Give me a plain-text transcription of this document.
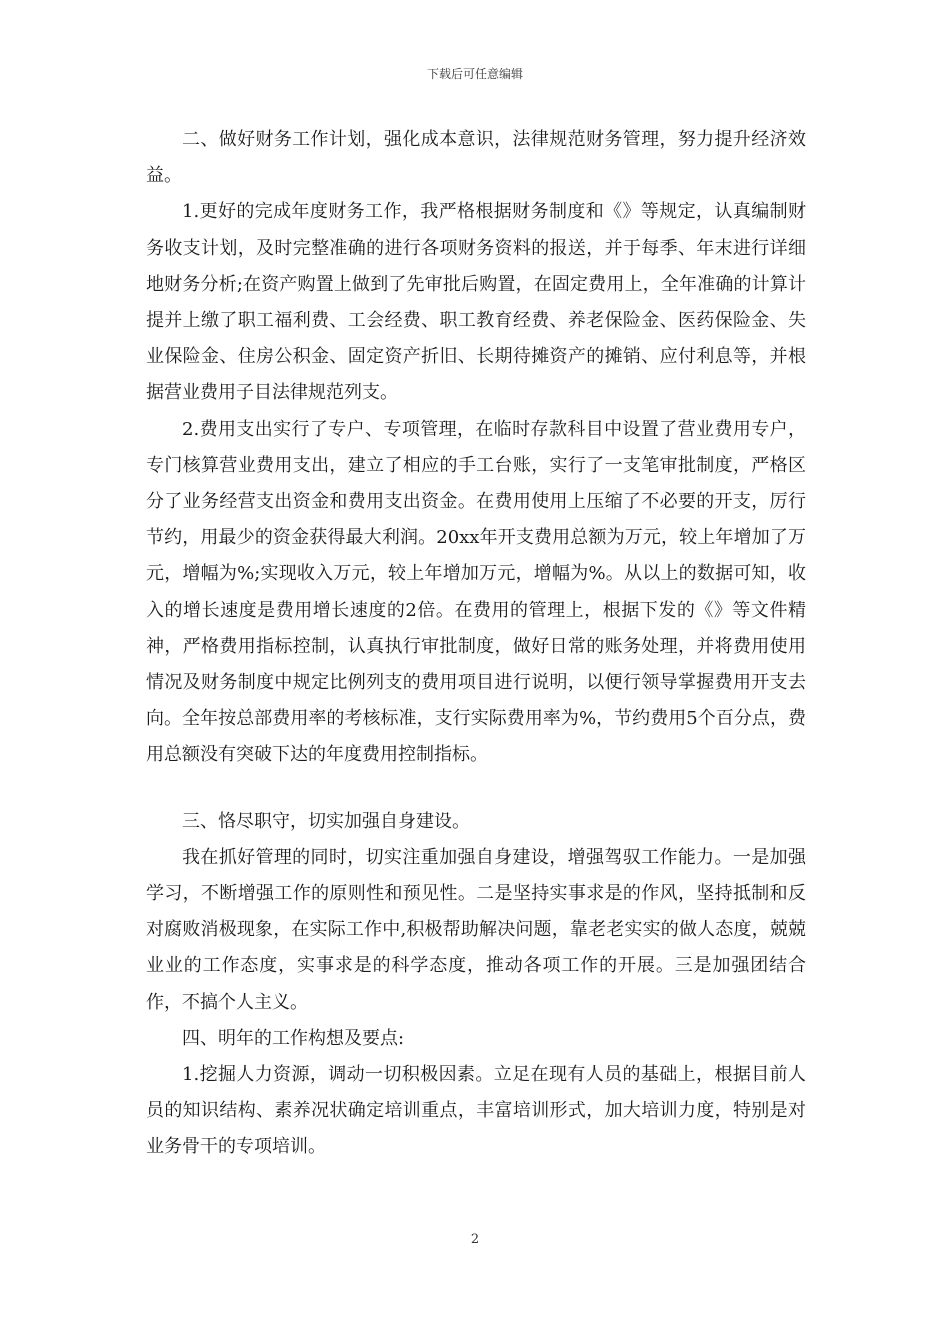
下载后可任意编辑

二、做好财务工作计划，强化成本意识，法律规范财务管理，努力提升经济效益。

1.更好的完成年度财务工作，我严格根据财务制度和《》等规定，认真编制财务收支计划，及时完整准确的进行各项财务资料的报送，并于每季、年末进行详细地财务分析;在资产购置上做到了先审批后购置，在固定费用上，全年准确的计算计提并上缴了职工福利费、工会经费、职工教育经费、养老保险金、医药保险金、失业保险金、住房公积金、固定资产折旧、长期待摊资产的摊销、应付利息等，并根据营业费用子目法律规范列支。

2.费用支出实行了专户、专项管理，在临时存款科目中设置了营业费用专户，专门核算营业费用支出，建立了相应的手工台账，实行了一支笔审批制度，严格区分了业务经营支出资金和费用支出资金。在费用使用上压缩了不必要的开支，厉行节约，用最少的资金获得最大利润。20xx年开支费用总额为万元，较上年增加了万元，增幅为%;实现收入万元，较上年增加万元，增幅为%。从以上的数据可知，收入的增长速度是费用增长速度的2倍。在费用的管理上，根据下发的《》等文件精神，严格费用指标控制，认真执行审批制度，做好日常的账务处理，并将费用使用情况及财务制度中规定比例列支的费用项目进行说明，以便行领导掌握费用开支去向。全年按总部费用率的考核标准，支行实际费用率为%，节约费用5个百分点，费用总额没有突破下达的年度费用控制指标。

三、恪尽职守，切实加强自身建设。

我在抓好管理的同时，切实注重加强自身建设，增强驾驭工作能力。一是加强学习，不断增强工作的原则性和预见性。二是坚持实事求是的作风，坚持抵制和反对腐败消极现象，在实际工作中,积极帮助解决问题，靠老老实实的做人态度，兢兢业业的工作态度，实事求是的科学态度，推动各项工作的开展。三是加强团结合作，不搞个人主义。

四、明年的工作构想及要点:

1.挖掘人力资源，调动一切积极因素。立足在现有人员的基础上，根据目前人员的知识结构、素养况状确定培训重点，丰富培训形式，加大培训力度，特别是对业务骨干的专项培训。

2
